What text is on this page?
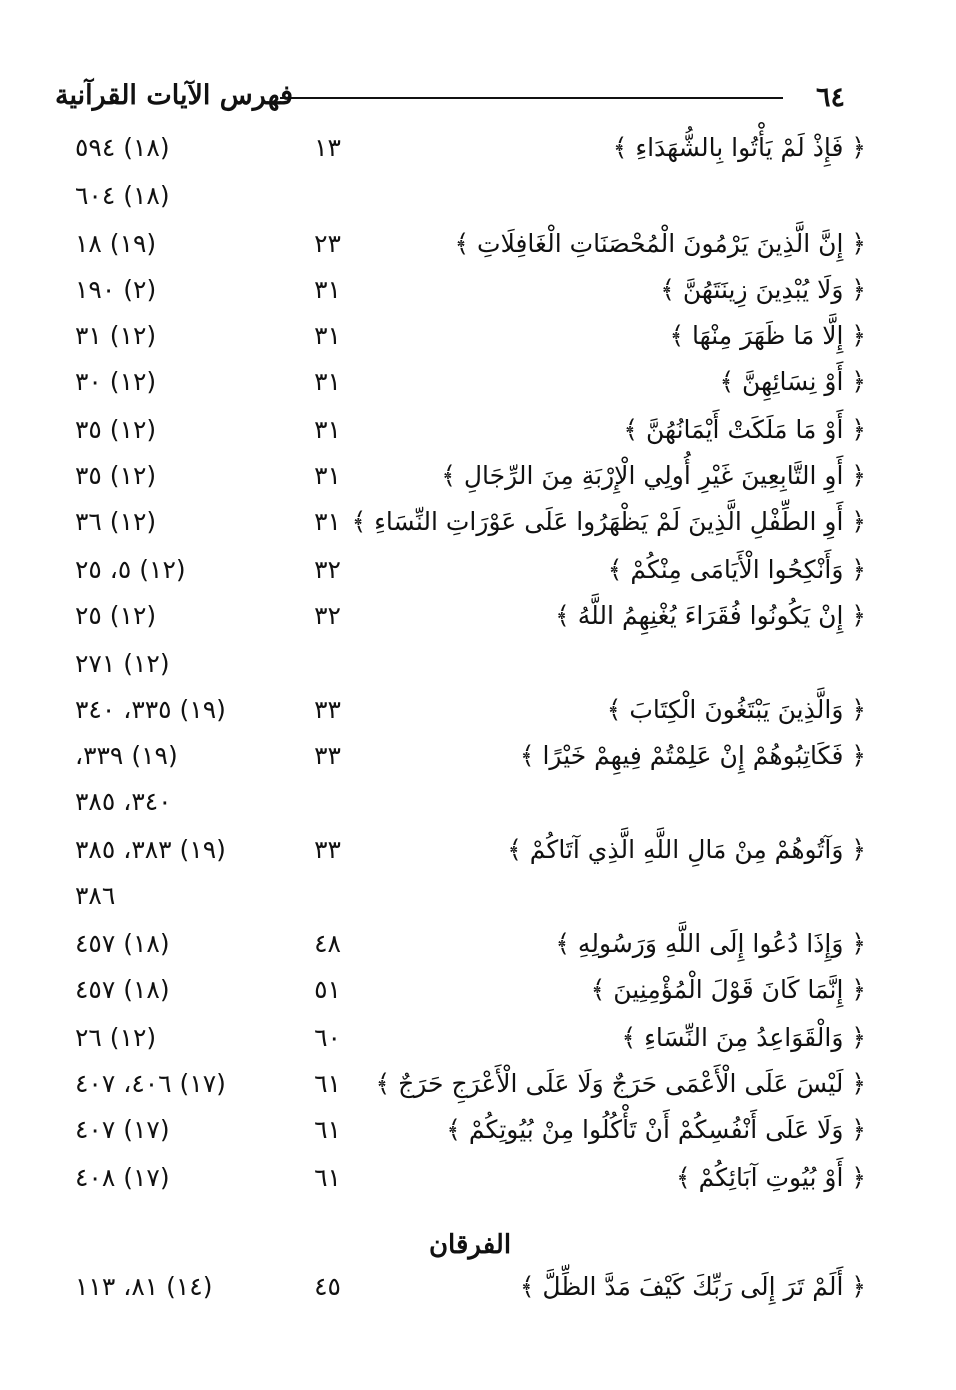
٦٤
فهرس الآيات القرآنية
﴿ فَإِذْ لَمْ يَأْتُوا بِالشُّهَدَاءِ ﴾
١٣
(١٨) ٥٩٤
(١٨) ٦٠٤
﴿ إِنَّ الَّذِينَ يَرْمُونَ الْمُحْصَنَاتِ الْغَافِلَاتِ ﴾
٢٣
(١٩) ١٨
﴿ وَلَا يُبْدِينَ زِينَتَهُنَّ ﴾
٣١
(٢) ١٩٠
﴿ إِلَّا مَا ظَهَرَ مِنْهَا ﴾
٣١
(١٢) ٣١
﴿ أَوْ نِسَائِهِنَّ ﴾
٣١
(١٢) ٣٠
﴿ أَوْ مَا مَلَكَتْ أَيْمَانُهُنَّ ﴾
٣١
(١٢) ٣٥
﴿ أَوِ التَّابِعِينَ غَيْرِ أُولِي الْإِرْبَةِ مِنَ الرِّجَالِ ﴾
٣١
(١٢) ٣٥
﴿ أَوِ الطِّفْلِ الَّذِينَ لَمْ يَظْهَرُوا عَلَى عَوْرَاتِ النِّسَاءِ ﴾
٣١
(١٢) ٣٦
﴿ وَأَنْكِحُوا الْأَيَامَى مِنْكُمْ ﴾
٣٢
(١٢) ٥، ٢٥
﴿ إِنْ يَكُونُوا فُقَرَاءَ يُغْنِهِمُ اللَّهُ ﴾
٣٢
(١٢) ٢٥
(١٢) ٢٧١
﴿ وَالَّذِينَ يَبْتَغُونَ الْكِتَابَ ﴾
٣٣
(١٩) ٣٣٥، ٣٤٠
﴿ فَكَاتِبُوهُمْ إِنْ عَلِمْتُمْ فِيهِمْ خَيْرًا ﴾
٣٣
(١٩) ٣٣٩،
٣٤٠، ٣٨٥
﴿ وَآتُوهُمْ مِنْ مَالِ اللَّهِ الَّذِي آتَاكُمْ ﴾
٣٣
(١٩) ٣٨٣، ٣٨٥
٣٨٦
﴿ وَإِذَا دُعُوا إِلَى اللَّهِ وَرَسُولِهِ ﴾
٤٨
(١٨) ٤٥٧
﴿ إِنَّمَا كَانَ قَوْلَ الْمُؤْمِنِينَ ﴾
٥١
(١٨) ٤٥٧
﴿ وَالْقَوَاعِدُ مِنَ النِّسَاءِ ﴾
٦٠
(١٢) ٢٦
﴿ لَيْسَ عَلَى الْأَعْمَى حَرَجٌ وَلَا عَلَى الْأَعْرَجِ حَرَجٌ ﴾
٦١
(١٧) ٤٠٦، ٤٠٧
﴿ وَلَا عَلَى أَنْفُسِكُمْ أَنْ تَأْكُلُوا مِنْ بُيُوتِكُمْ ﴾
٦١
(١٧) ٤٠٧
﴿ أَوْ بُيُوتِ آبَائِكُمْ ﴾
٦١
(١٧) ٤٠٨
الفرقان
﴿ أَلَمْ تَرَ إِلَى رَبِّكَ كَيْفَ مَدَّ الظِّلَّ ﴾
٤٥
(١٤) ٨١، ١١٣
